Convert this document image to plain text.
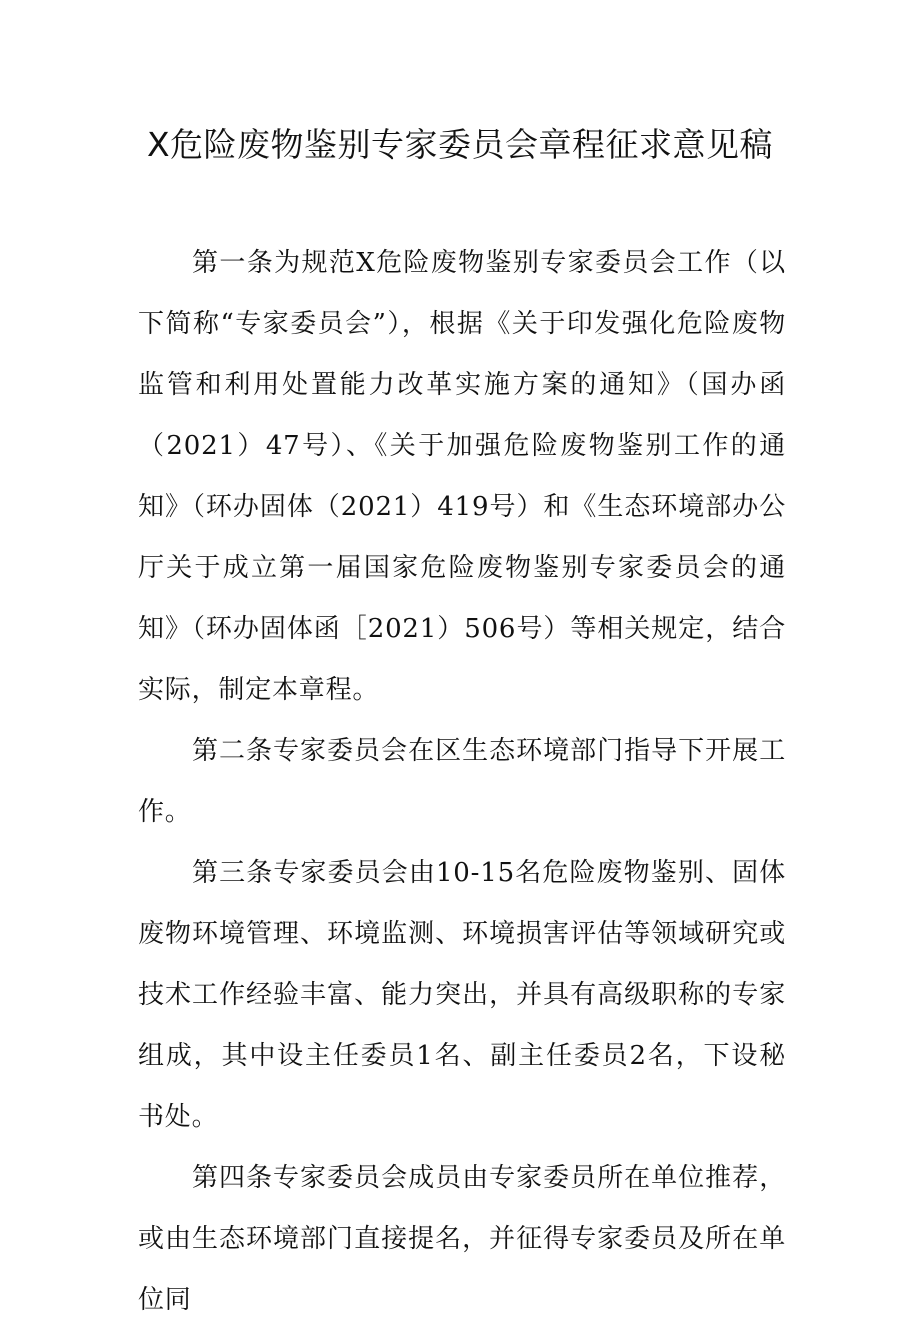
X危险废物鉴别专家委员会章程征求意见稿

第一条为规范X危险废物鉴别专家委员会工作（以下简称“专家委员会”），根据《关于印发强化危险废物监管和利用处置能力改革实施方案的通知》（国办函（2021）47号）、《关于加强危险废物鉴别工作的通知》（环办固体（2021）419号）和《生态环境部办公厅关于成立第一届国家危险废物鉴别专家委员会的通知》（环办固体函［2021）506号）等相关规定，结合实际，制定本章程。

第二条专家委员会在区生态环境部门指导下开展工作。

第三条专家委员会由10-15名危险废物鉴别、固体废物环境管理、环境监测、环境损害评估等领域研究或技术工作经验丰富、能力突出，并具有高级职称的专家组成，其中设主任委员1名、副主任委员2名，下设秘书处。

第四条专家委员会成员由专家委员所在单位推荐，或由生态环境部门直接提名，并征得专家委员及所在单位同
